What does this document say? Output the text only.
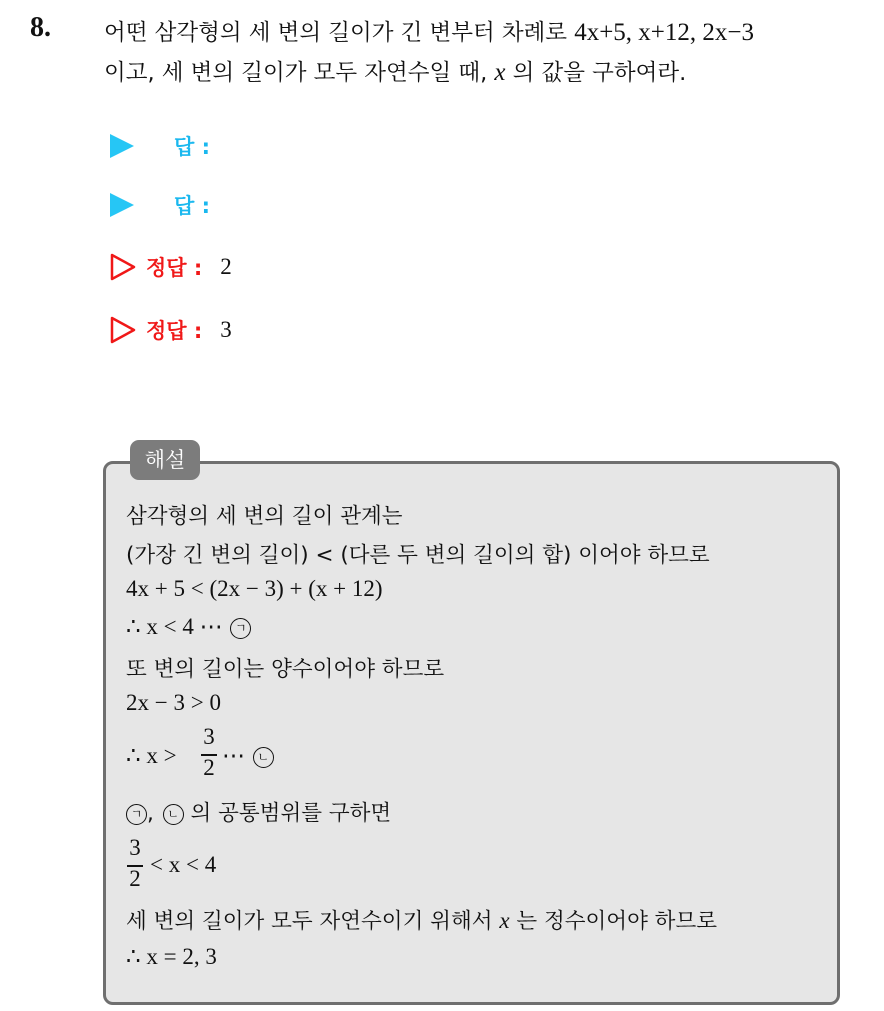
8. 어떤 삼각형의 세 변의 길이가 긴 변부터 차례로 4x+5, x+12, 2x−3
이고, 세 변의 길이가 모두 자연수일 때, x 의 값을 구하여라.
답 :
답 :
정답 : 2
정답 : 3
해설
삼각형의 세 변의 길이 관계는
(가장 긴 변의 길이) < (다른 두 변의 길이의 합) 이어야 하므로
4x + 5 < (2x − 3) + (x + 12)
∴ x < 4 ⋯ ㄱ
또 변의 길이는 양수이어야 하므로
2x − 3 > 0
∴ x >
3
2 ⋯ ㄴ
ㄱ , ㄴ 의 공통범위를 구하면
3
2
< x < 4
세 변의 길이가 모두 자연수이기 위해서 x 는 정수이어야 하므로
∴ x = 2, 3
